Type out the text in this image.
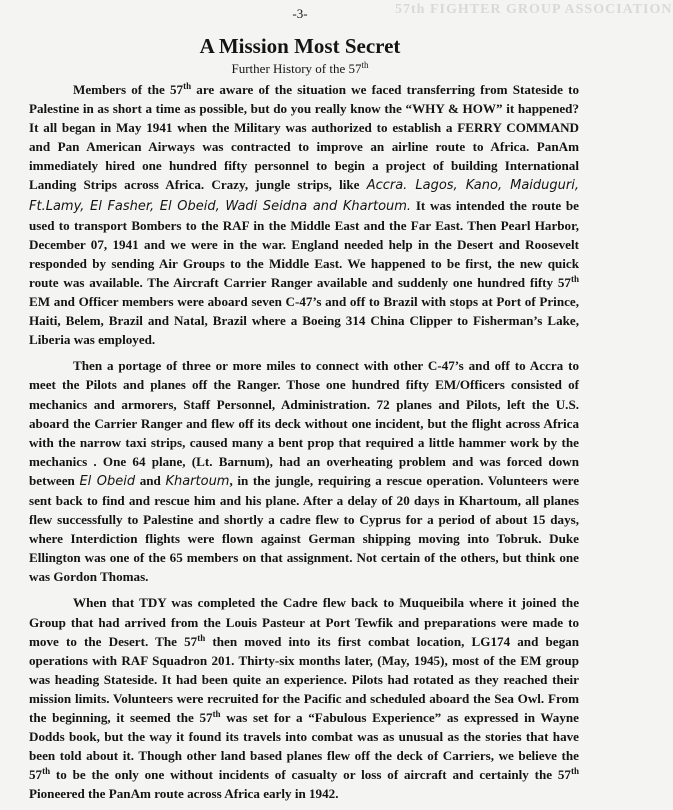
57th FIGHTER GROUP ASSOCIATION
-3-
A Mission Most Secret
Further History of the 57th

Members of the 57th are aware of the situation we faced transferring from Stateside to Palestine in as short a time as possible, but do you really know the “WHY & HOW” it happened? It all began in May 1941 when the Military was authorized to establish a FERRY COMMAND and Pan American Airways was contracted to improve an airline route to Africa. PanAm immediately hired one hundred fifty personnel to begin a project of building International Landing Strips across Africa. Crazy, jungle strips, like Accra. Lagos, Kano, Maiduguri, Ft.Lamy, El Fasher, El Obeid, Wadi Seidna and Khartoum. It was intended the route be used to transport Bombers to the RAF in the Middle East and the Far East. Then Pearl Harbor, December 07, 1941 and we were in the war. England needed help in the Desert and Roosevelt responded by sending Air Groups to the Middle East. We happened to be first, the new quick route was available. The Aircraft Carrier Ranger available and suddenly one hundred fifty 57th EM and Officer members were aboard seven C-47’s and off to Brazil with stops at Port of Prince, Haiti, Belem, Brazil and Natal, Brazil where a Boeing 314 China Clipper to Fisherman’s Lake, Liberia was employed.

Then a portage of three or more miles to connect with other C-47’s and off to Accra to meet the Pilots and planes off the Ranger. Those one hundred fifty EM/Officers consisted of mechanics and armorers, Staff Personnel, Administration. 72 planes and Pilots, left the U.S. aboard the Carrier Ranger and flew off its deck without one incident, but the flight across Africa with the narrow taxi strips, caused many a bent prop that required a little hammer work by the mechanics . One 64 plane, (Lt. Barnum), had an overheating problem and was forced down between El Obeid and Khartoum, in the jungle, requiring a rescue operation. Volunteers were sent back to find and rescue him and his plane. After a delay of 20 days in Khartoum, all planes flew successfully to Palestine and shortly a cadre flew to Cyprus for a period of about 15 days, where Interdiction flights were flown against German shipping moving into Tobruk. Duke Ellington was one of the 65 members on that assignment. Not certain of the others, but think one was Gordon Thomas.

When that TDY was completed the Cadre flew back to Muqueibila where it joined the Group that had arrived from the Louis Pasteur at Port Tewfik and preparations were made to move to the Desert. The 57th then moved into its first combat location, LG174 and began operations with RAF Squadron 201. Thirty-six months later, (May, 1945), most of the EM group was heading Stateside. It had been quite an experience. Pilots had rotated as they reached their mission limits. Volunteers were recruited for the Pacific and scheduled aboard the Sea Owl. From the beginning, it seemed the 57th was set for a “Fabulous Experience” as expressed in Wayne Dodds book, but the way it found its travels into combat was as unusual as the stories that have been told about it. Though other land based planes flew off the deck of Carriers, we believe the 57th to be the only one without incidents of casualty or loss of aircraft and certainly the 57th Pioneered the PanAm route across Africa early in 1942.
